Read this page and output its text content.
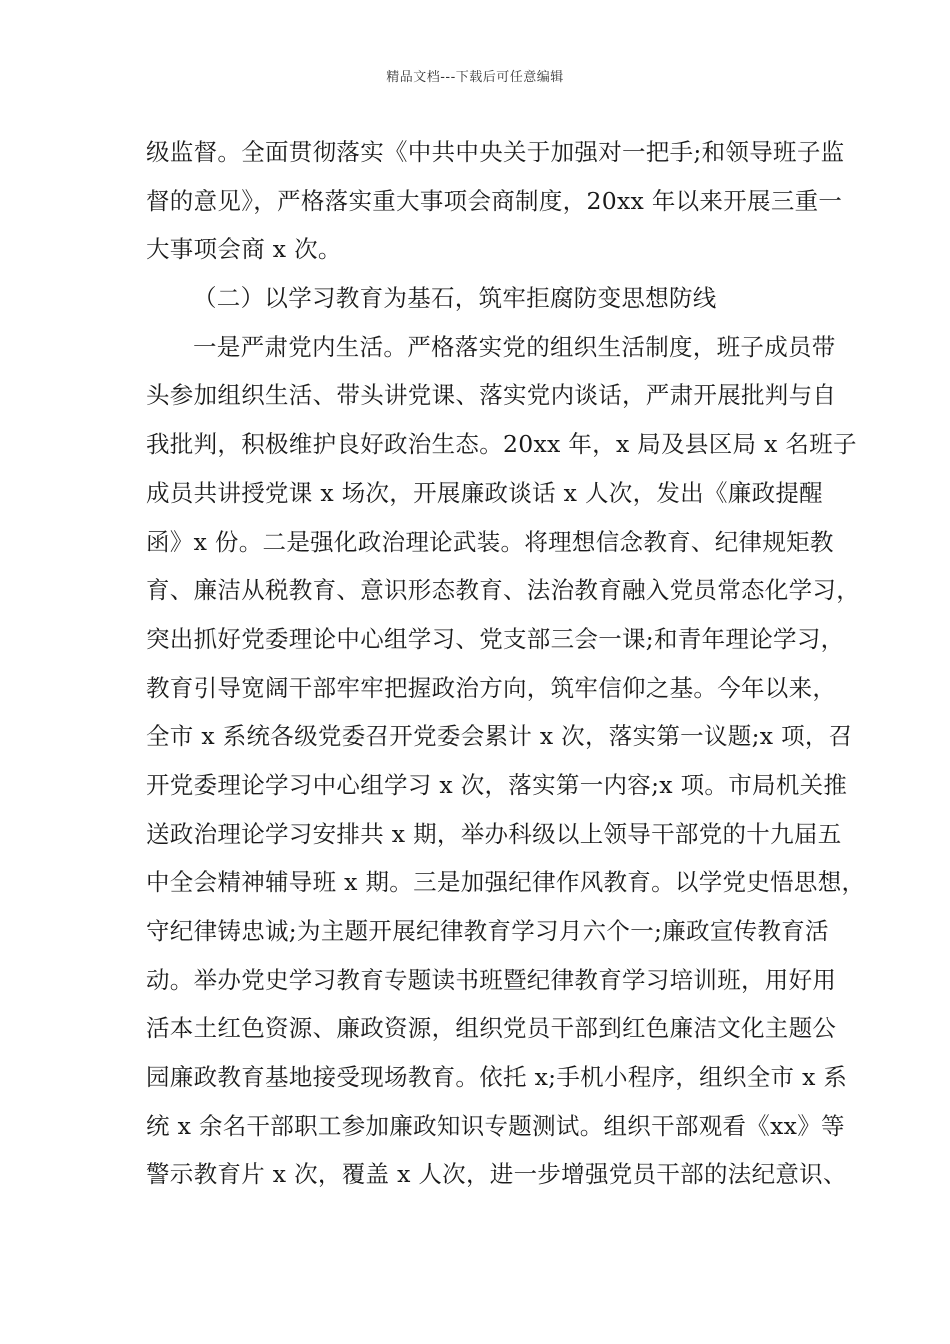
精品文档---下载后可任意编辑
级监督。全面贯彻落实《中共中央关于加强对一把手;和领导班子监
督的意见》，严格落实重大事项会商制度，20xx 年以来开展三重一
大事项会商 x 次。
（二）以学习教育为基石，筑牢拒腐防变思想防线
一是严肃党内生活。严格落实党的组织生活制度，班子成员带
头参加组织生活、带头讲党课、落实党内谈话，严肃开展批判与自
我批判，积极维护良好政治生态。20xx 年，x 局及县区局 x 名班子
成员共讲授党课 x 场次，开展廉政谈话 x 人次，发出《廉政提醒
函》x 份。二是强化政治理论武装。将理想信念教育、纪律规矩教
育、廉洁从税教育、意识形态教育、法治教育融入党员常态化学习，
突出抓好党委理论中心组学习、党支部三会一课;和青年理论学习，
教育引导宽阔干部牢牢把握政治方向，筑牢信仰之基。今年以来，
全市 x 系统各级党委召开党委会累计 x 次，落实第一议题;x 项，召
开党委理论学习中心组学习 x 次，落实第一内容;x 项。市局机关推
送政治理论学习安排共 x 期，举办科级以上领导干部党的十九届五
中全会精神辅导班 x 期。三是加强纪律作风教育。以学党史悟思想，
守纪律铸忠诚;为主题开展纪律教育学习月六个一;廉政宣传教育活
动。举办党史学习教育专题读书班暨纪律教育学习培训班，用好用
活本土红色资源、廉政资源，组织党员干部到红色廉洁文化主题公
园廉政教育基地接受现场教育。依托 x;手机小程序，组织全市 x 系
统 x 余名干部职工参加廉政知识专题测试。组织干部观看《xx》等
警示教育片 x 次，覆盖 x 人次，进一步增强党员干部的法纪意识、
